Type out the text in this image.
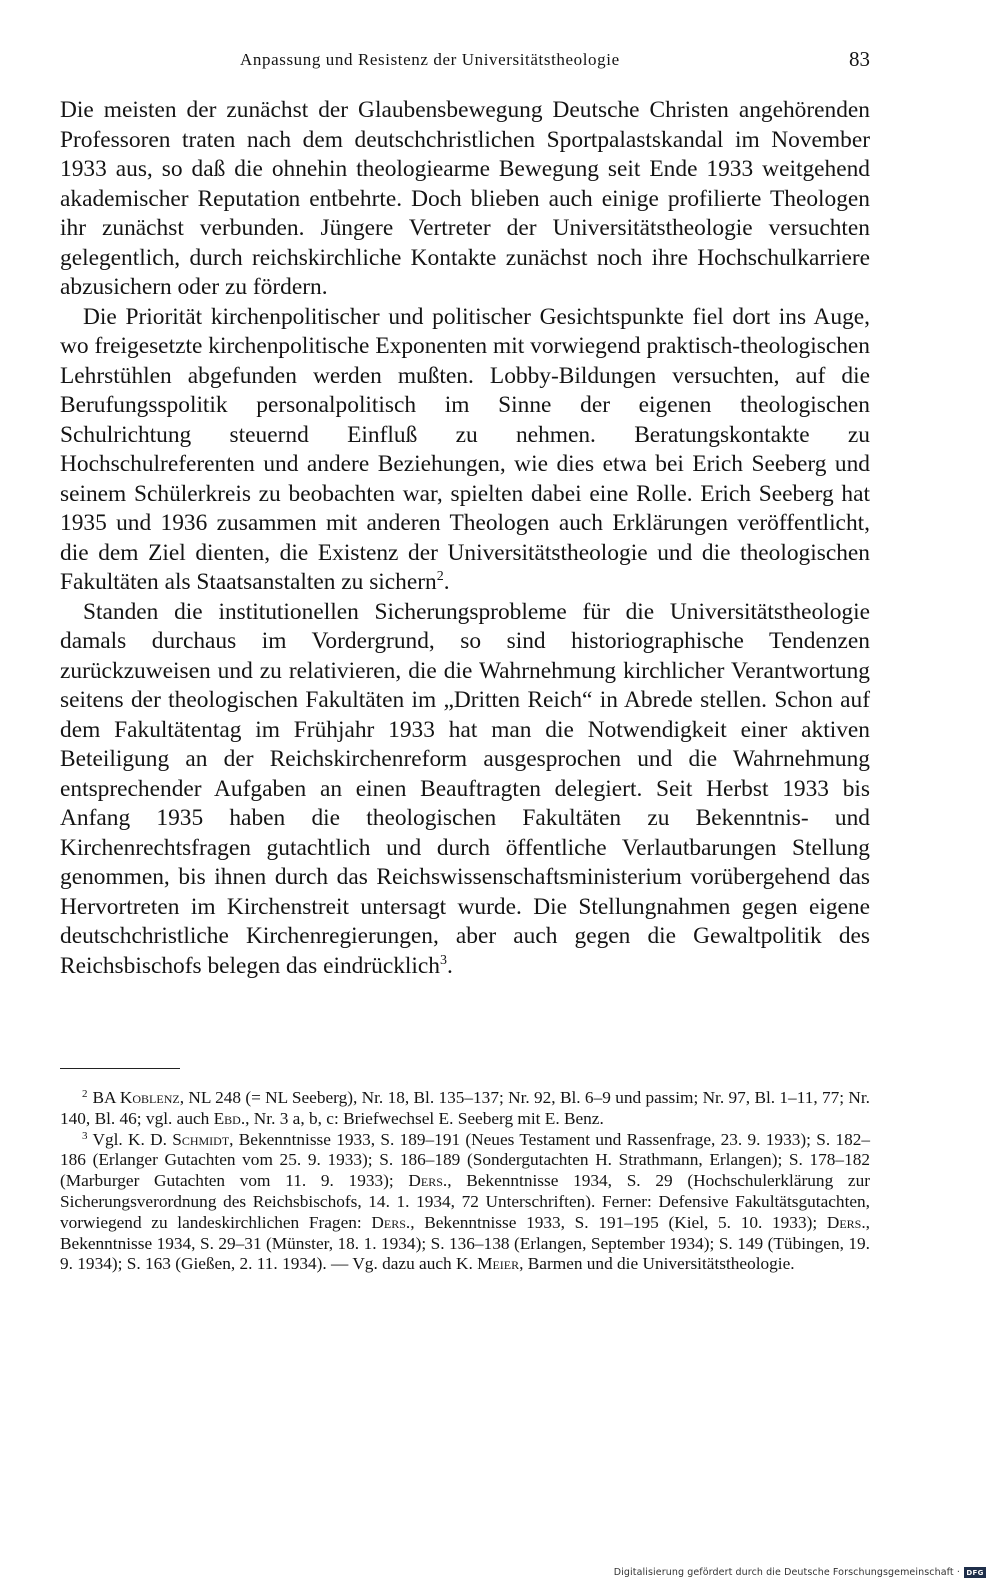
Anpassung und Resistenz der Universitätstheologie	83

Die meisten der zunächst der Glaubensbewegung Deutsche Christen angehörenden Professoren traten nach dem deutschchristlichen Sportpalastskandal im November 1933 aus, so daß die ohnehin theologiearme Bewegung seit Ende 1933 weitgehend akademischer Reputation entbehrte. Doch blieben auch einige profilierte Theologen ihr zunächst verbunden. Jüngere Vertreter der Universitätstheologie versuchten gelegentlich, durch reichskirchliche Kontakte zunächst noch ihre Hochschulkarriere abzusichern oder zu fördern.

Die Priorität kirchenpolitischer und politischer Gesichtspunkte fiel dort ins Auge, wo freigesetzte kirchenpolitische Exponenten mit vorwiegend praktisch-theologischen Lehrstühlen abgefunden werden mußten. Lobby-Bildungen versuchten, auf die Berufungsspolitik personalpolitisch im Sinne der eigenen theologischen Schulrichtung steuernd Einfluß zu nehmen. Beratungskontakte zu Hochschulreferenten und andere Beziehungen, wie dies etwa bei Erich Seeberg und seinem Schülerkreis zu beobachten war, spielten dabei eine Rolle. Erich Seeberg hat 1935 und 1936 zusammen mit anderen Theologen auch Erklärungen veröffentlicht, die dem Ziel dienten, die Existenz der Universitätstheologie und die theologischen Fakultäten als Staatsanstalten zu sichern$^2$.

Standen die institutionellen Sicherungsprobleme für die Universitätstheologie damals durchaus im Vordergrund, so sind historiographische Tendenzen zurückzuweisen und zu relativieren, die die Wahrnehmung kirchlicher Verantwortung seitens der theologischen Fakultäten im „Dritten Reich“ in Abrede stellen. Schon auf dem Fakultätentag im Frühjahr 1933 hat man die Notwendigkeit einer aktiven Beteiligung an der Reichskirchenreform ausgesprochen und die Wahrnehmung entsprechender Aufgaben an einen Beauftragten delegiert. Seit Herbst 1933 bis Anfang 1935 haben die theologischen Fakultäten zu Bekenntnis- und Kirchenrechtsfragen gutachtlich und durch öffentliche Verlautbarungen Stellung genommen, bis ihnen durch das Reichswissenschaftsministerium vorübergehend das Hervortreten im Kirchenstreit untersagt wurde. Die Stellungnahmen gegen eigene deutschchristliche Kirchenregierungen, aber auch gegen die Gewaltpolitik des Reichsbischofs belegen das eindrücklich$^3$.

$^2$ BA Koblenz, NL 248 (= NL Seeberg), Nr. 18, Bl. 135–137; Nr. 92, Bl. 6–9 und passim; Nr. 97, Bl. 1–11, 77; Nr. 140, Bl. 46; vgl. auch Ebd., Nr. 3 a, b, c: Briefwechsel E. Seeberg mit E. Benz.

$^3$ Vgl. K. D. Schmidt, Bekenntnisse 1933, S. 189–191 (Neues Testament und Rassenfrage, 23. 9. 1933); S. 182–186 (Erlanger Gutachten vom 25. 9. 1933); S. 186–189 (Sondergutachten H. Strathmann, Erlangen); S. 178–182 (Marburger Gutachten vom 11. 9. 1933); Ders., Bekenntnisse 1934, S. 29 (Hochschulerklärung zur Sicherungsverordnung des Reichsbischofs, 14. 1. 1934, 72 Unterschriften). Ferner: Defensive Fakultätsgutachten, vorwiegend zu landeskirchlichen Fragen: Ders., Bekenntnisse 1933, S. 191–195 (Kiel, 5. 10. 1933); Ders., Bekenntnisse 1934, S. 29–31 (Münster, 18. 1. 1934); S. 136–138 (Erlangen, September 1934); S. 149 (Tübingen, 19. 9. 1934); S. 163 (Gießen, 2. 11. 1934). — Vg. dazu auch K. Meier, Barmen und die Universitätstheologie.

Digitalisierung gefördert durch die Deutsche Forschungsgemeinschaft · DFG
